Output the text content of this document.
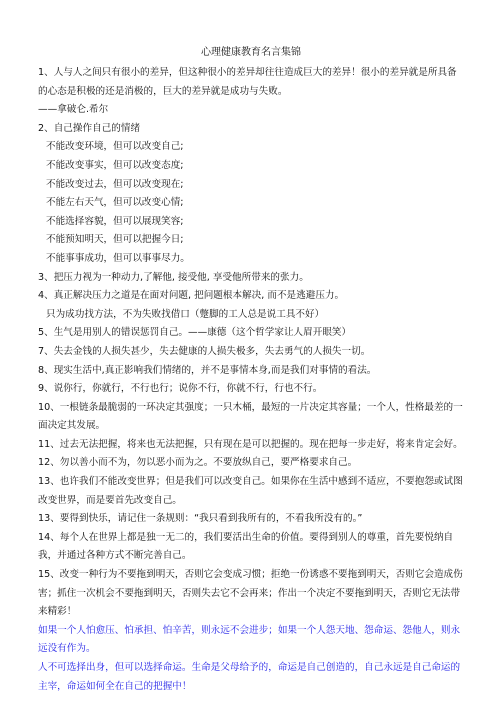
心理健康教育名言集锦
1、人与人之间只有很小的差异，但这种很小的差异却往往造成巨大的差异！很小的差异就是所具备的心态是积极的还是消极的，巨大的差异就是成功与失败。
——拿破仑.希尔
2、自己操作自己的情绪
不能改变环境，但可以改变自己;
不能改变事实，但可以改变态度;
不能改变过去，但可以改变现在;
不能左右天气，但可以改变心情;
不能选择容貌，但可以展现笑容;
不能预知明天，但可以把握今日;
不能事事成功，但可以事事尽力。
3、把压力视为一种动力,了解他, 接受他, 享受他所带来的张力。
4、真正解决压力之道是在面对问题, 把问题根本解决, 而不是逃避压力。
只为成功找方法，不为失败找借口（蹩脚的工人总是说工具不好）
5、生气是用别人的错误惩罚自己。——康德（这个哲学家让人眉开眼笑）
7、失去金钱的人损失甚少，失去健康的人损失极多，失去勇气的人损失一切。
8、现实生活中,真正影响我们情绪的，并不是事情本身,而是我们对事情的看法。
9、说你行，你就行，不行也行；说你不行，你就不行，行也不行。
10、一根链条最脆弱的一环决定其强度；一只木桶，最短的一片决定其容量；一个人，性格最差的一面决定其发展。
11、过去无法把握，将来也无法把握，只有现在是可以把握的。现在把每一步走好，将来肯定会好。
12、勿以善小而不为，勿以恶小而为之。不要放纵自己，要严格要求自己。
13、也许我们不能改变世界；但是我们可以改变自己。如果你在生活中感到不适应，不要抱怨或试图改变世界，而是要首先改变自己。
13、要得到快乐，请记住一条规则：“我只看到我所有的，不看我所没有的。”
14、每个人在世界上都是独一无二的，我们要活出生命的价值。要得到别人的尊重，首先要悦纳自我，并通过各种方式不断完善自己。
15、改变一种行为不要拖到明天，否则它会变成习惯；拒绝一份诱惑不要拖到明天，否则它会造成伤害；抓住一次机会不要拖到明天，否则失去它不会再来；作出一个决定不要拖到明天，否则它无法带来精彩！
如果一个人怕愈压、怕承担、怕辛苦，则永远不会进步；如果一个人怨天地、怨命运、怨他人，则永远没有作为。
人不可选择出身，但可以选择命运。生命是父母给予的，命运是自己创造的，自己永远是自己命运的主宰，命运如何全在自己的把握中！
